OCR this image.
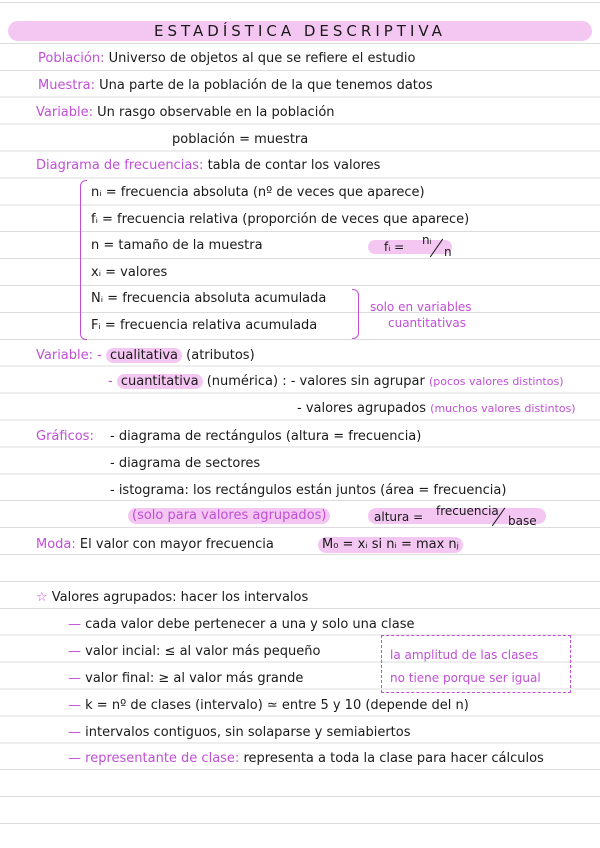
ESTADÍSTICA DESCRIPTIVA
Población: Universo de objetos al que se refiere el estudio
Muestra: Una parte de la población de la que tenemos datos
Variable: Un rasgo observable en la población
población = muestra
Diagrama de frecuencias: tabla de contar los valores
nᵢ = frecuencia absoluta (nº de veces que aparece)
fᵢ = frecuencia relativa (proporción de veces que aparece)
n = tamaño de la muestra
xᵢ = valores
Nᵢ = frecuencia absoluta acumulada
Fᵢ = frecuencia relativa acumulada
fᵢ = nᵢ
n
solo en variables
cuantitativas
Variable: - cualitativa (atributos)
- cuantitativa (numérica) : - valores sin agrupar (pocos valores distintos)
- valores agrupados (muchos valores distintos)
Gráficos: - diagrama de rectángulos (altura = frecuencia)
- diagrama de sectores
- istograma: los rectángulos están juntos (área = frecuencia)
(solo para valores agrupados)	altura = frecuencia
base
Moda: El valor con mayor frecuencia	M₀ = xᵢ si nᵢ = max nⱼ
☆ Valores agrupados: hacer los intervalos
— cada valor debe pertenecer a una y solo una clase
— valor incial: ≤ al valor más pequeño
— valor final: ≥ al valor más grande
— k = nº de clases (intervalo) ≃ entre 5 y 10 (depende del n)
— intervalos contiguos, sin solaparse y semiabiertos
— representante de clase: representa a toda la clase para hacer cálculos
la amplitud de las clases
no tiene porque ser igual
